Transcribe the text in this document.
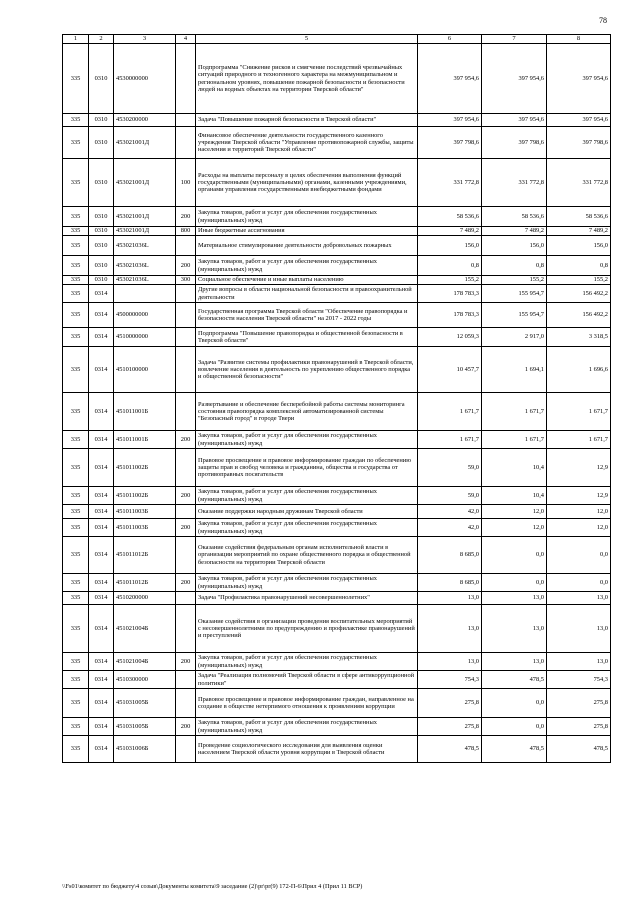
78
1	2	3	4	5	6	7	8
335	0310	4530000000		Подпрограмма "Снижение рисков и смягчение последствий чрезвычайных ситуаций природного и техногенного характера на межмуниципальном и региональном уровнях, повышение пожарной безопасности и безопасности людей на водных объектах на территории Тверской области"	397 954,6	397 954,6	397 954,6
335	0310	4530200000		Задача "Повышение пожарной безопасности в Тверской области"	397 954,6	397 954,6	397 954,6
335	0310	453021001Д		Финансовое обеспечение деятельности государственного казенного учреждения Тверской области "Управление противопожарной службы, защиты населения и территорий Тверской области"	397 798,6	397 798,6	397 798,6
335	0310	453021001Д	100	Расходы на выплаты персоналу в целях обеспечения выполнения функций государственными (муниципальными) органами, казенными учреждениями, органами управления государственными внебюджетными фондами	331 772,8	331 772,8	331 772,8
335	0310	453021001Д	200	Закупка товаров, работ и услуг для обеспечения государственных (муниципальных) нужд	58 536,6	58 536,6	58 536,6
335	0310	453021001Д	800	Иные бюджетные ассигнования	7 489,2	7 489,2	7 489,2
335	0310	453021036L		Материальное стимулирование деятельности добровольных пожарных	156,0	156,0	156,0
335	0310	453021036L	200	Закупка товаров, работ и услуг для обеспечения государственных (муниципальных) нужд	0,8	0,8	0,8
335	0310	453021036L	300	Социальное обеспечение и иные выплаты населению	155,2	155,2	155,2
335	0314			Другие вопросы в области национальной безопасности и правоохранительной деятельности	178 783,3	155 954,7	156 492,2
335	0314	4500000000		Государственная программа Тверской области "Обеспечение правопорядка и безопасности населения Тверской области" на 2017 - 2022 годы	178 783,3	155 954,7	156 492,2
335	0314	4510000000		Подпрограмма "Повышение правопорядка и общественной безопасности в Тверской области"	12 059,3	2 917,0	3 318,5
335	0314	4510100000		Задача "Развитие системы профилактики правонарушений в Тверской области, вовлечение населения в деятельность по укреплению общественного порядка и общественной безопасности"	10 457,7	1 694,1	1 696,6
335	0314	451011001Б		Развертывание и обеспечение бесперебойной работы системы мониторинга состояния правопорядка комплексной автоматизированной системы "Безопасный город" в городе Твери	1 671,7	1 671,7	1 671,7
335	0314	451011001Б	200	Закупка товаров, работ и услуг для обеспечения государственных (муниципальных) нужд	1 671,7	1 671,7	1 671,7
335	0314	451011002Б		Правовое просвещение и правовое информирование граждан по обеспечению защиты прав и свобод человека и гражданина, общества и государства от противоправных посягательств	59,0	10,4	12,9
335	0314	451011002Б	200	Закупка товаров, работ и услуг для обеспечения государственных (муниципальных) нужд	59,0	10,4	12,9
335	0314	451011003Б		Оказание поддержки народным дружинам Тверской области	42,0	12,0	12,0
335	0314	451011003Б	200	Закупка товаров, работ и услуг для обеспечения государственных (муниципальных) нужд	42,0	12,0	12,0
335	0314	451011012Б		Оказание содействия федеральным органам исполнительной власти в организации мероприятий по охране общественного порядка и общественной безопасности на территории Тверской области	8 685,0	0,0	0,0
335	0314	451011012Б	200	Закупка товаров, работ и услуг для обеспечения государственных (муниципальных) нужд	8 685,0	0,0	0,0
335	0314	4510200000		Задача "Профилактика правонарушений несовершеннолетних"	13,0	13,0	13,0
335	0314	451021004Б		Оказание содействия в организации проведения воспитательных мероприятий с несовершеннолетними по предупреждению и профилактике правонарушений и преступлений	13,0	13,0	13,0
335	0314	451021004Б	200	Закупка товаров, работ и услуг для обеспечения государственных (муниципальных) нужд	13,0	13,0	13,0
335	0314	4510300000		Задача "Реализация полномочий Тверской области в сфере антикоррупционной политики"	754,3	478,5	754,3
335	0314	451031005Б		Правовое просвещение и правовое информирование граждан, направленное на создание в обществе нетерпимого отношения к проявлениям коррупции	275,8	0,0	275,8
335	0314	451031005Б	200	Закупка товаров, работ и услуг для обеспечения государственных (муниципальных) нужд	275,8	0,0	275,8
335	0314	451031006Б		Проведение социологического исследования для выявления оценки населением Тверской области уровня коррупции в Тверской области	478,5	478,5	478,5
\\Fs01\комитет по бюджету\4 созыв\Документы комитета\9 заседание (2)\pr\pr(9) 172-П-6\Прил 4 (Прил 11 ВСР)
